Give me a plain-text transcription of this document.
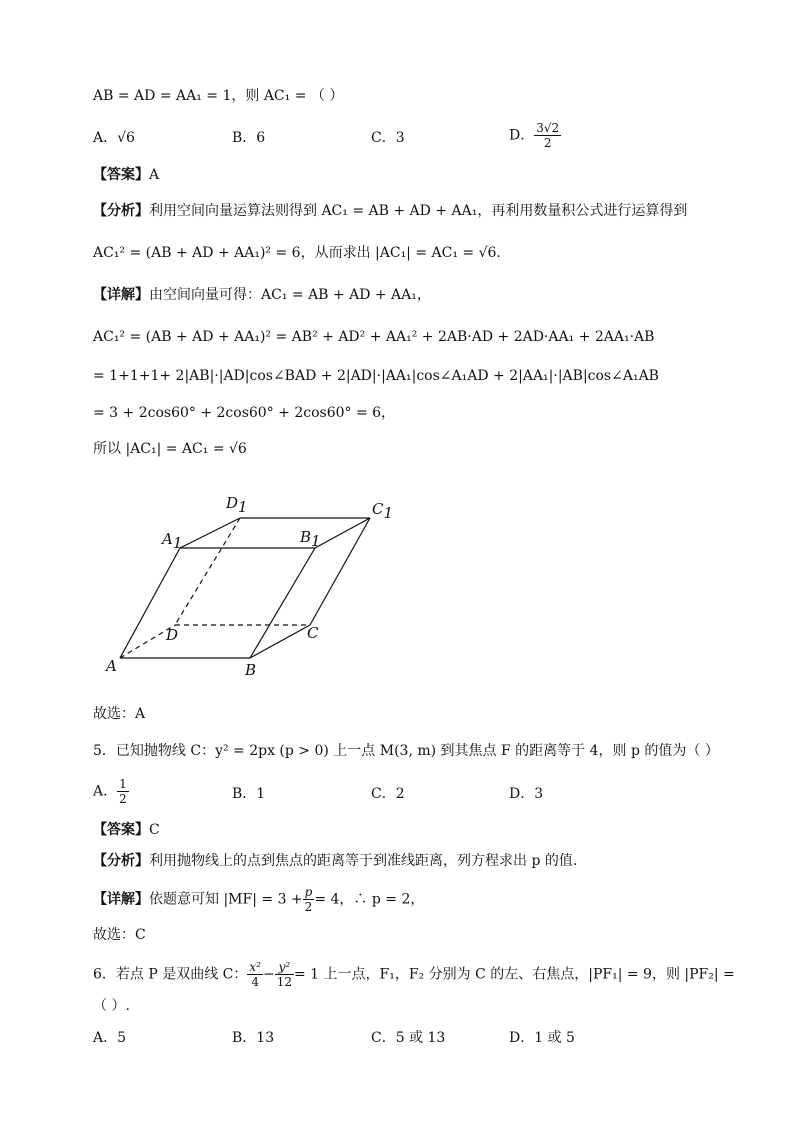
AB = AD = AA₁ = 1，则 AC₁ = （ ）
A．√6	B．6	C．3	D． $\frac{3√2}{2}$
【答案】A
【分析】利用空间向量运算法则得到 AC₁ = AB + AD + AA₁，再利用数量积公式进行运算得到
AC₁² = (AB + AD + AA₁)² = 6，从而求出 |AC₁| = AC₁ = √6.
【详解】由空间向量可得：AC₁ = AB + AD + AA₁，
AC₁² = (AB + AD + AA₁)² = AB² + AD² + AA₁² + 2AB·AD + 2AD·AA₁ + 2AA₁·AB
= 1+1+1+ 2|AB|·|AD|cos∠BAD + 2|AD|·|AA₁|cos∠A₁AD + 2|AA₁|·|AB|cos∠A₁AB
= 3 + 2cos60° + 2cos60° + 2cos60° = 6，
所以 |AC₁| = AC₁ = √6
D1	C1
A1	B1
D	C
A	B
故选：A
5．已知抛物线 C：y² = 2px (p > 0) 上一点 M(3, m) 到其焦点 F 的距离等于 4，则 p 的值为（ ）
A． $\frac{1}{2}$	B．1	C．2	D．3
【答案】C
【分析】利用抛物线上的点到焦点的距离等于到准线距离，列方程求出 p 的值.
【详解】依题意可知 $|MF| = 3 + \frac{p}{2} = 4$，∴ p = 2，
故选：C
6．若点 P 是双曲线 C： $\frac{\text{x²}}{4} - \frac{\text{y²}}{12} = 1$ 上一点，F₁，F₂ 分别为 C 的左、右焦点，|PF₁| = 9，则 |PF₂| =
（ ）.
A．5	B．13	C．5 或 13	D．1 或 5
